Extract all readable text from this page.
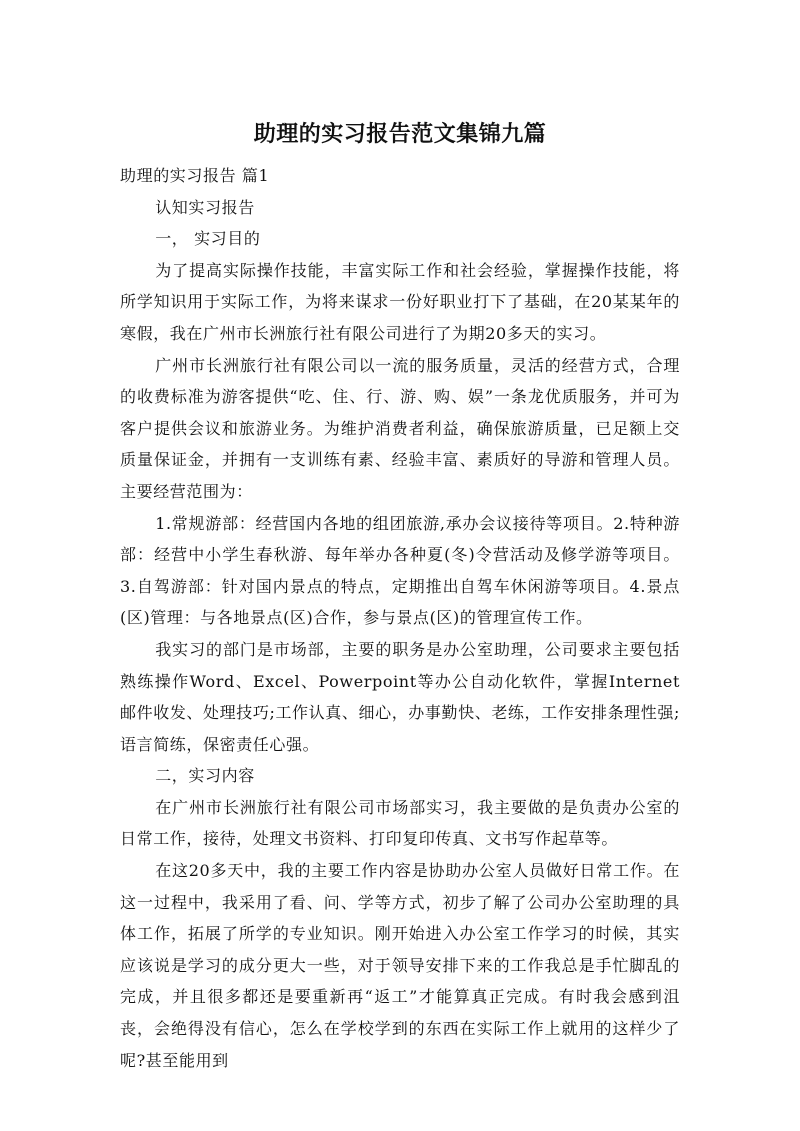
助理的实习报告范文集锦九篇

助理的实习报告 篇1

认知实习报告

一， 实习目的

为了提高实际操作技能，丰富实际工作和社会经验，掌握操作技能，将所学知识用于实际工作，为将来谋求一份好职业打下了基础，在20某某年的寒假，我在广州市长洲旅行社有限公司进行了为期20多天的实习。

广州市长洲旅行社有限公司以一流的服务质量，灵活的经营方式，合理的收费标准为游客提供“吃、住、行、游、购、娱”一条龙优质服务，并可为客户提供会议和旅游业务。为维护消费者利益，确保旅游质量，已足额上交质量保证金，并拥有一支训练有素、经验丰富、素质好的导游和管理人员。主要经营范围为：

1.常规游部：经营国内各地的组团旅游,承办会议接待等项目。2.特种游部：经营中小学生春秋游、每年举办各种夏(冬)令营活动及修学游等项目。3.自驾游部：针对国内景点的特点，定期推出自驾车休闲游等项目。4.景点(区)管理：与各地景点(区)合作，参与景点(区)的管理宣传工作。

我实习的部门是市场部，主要的职务是办公室助理，公司要求主要包括熟练操作Word、Excel、Powerpoint等办公自动化软件，掌握Internet邮件收发、处理技巧;工作认真、细心，办事勤快、老练，工作安排条理性强; 语言简练，保密责任心强。

二，实习内容

在广州市长洲旅行社有限公司市场部实习，我主要做的是负责办公室的日常工作，接待，处理文书资料、打印复印传真、文书写作起草等。

在这20多天中，我的主要工作内容是协助办公室人员做好日常工作。在这一过程中，我采用了看、问、学等方式，初步了解了公司办公室助理的具体工作，拓展了所学的专业知识。刚开始进入办公室工作学习的时候，其实应该说是学习的成分更大一些，对于领导安排下来的工作我总是手忙脚乱的完成，并且很多都还是要重新再“返工”才能算真正完成。有时我会感到沮丧，会绝得没有信心，怎么在学校学到的东西在实际工作上就用的这样少了呢?甚至能用到
